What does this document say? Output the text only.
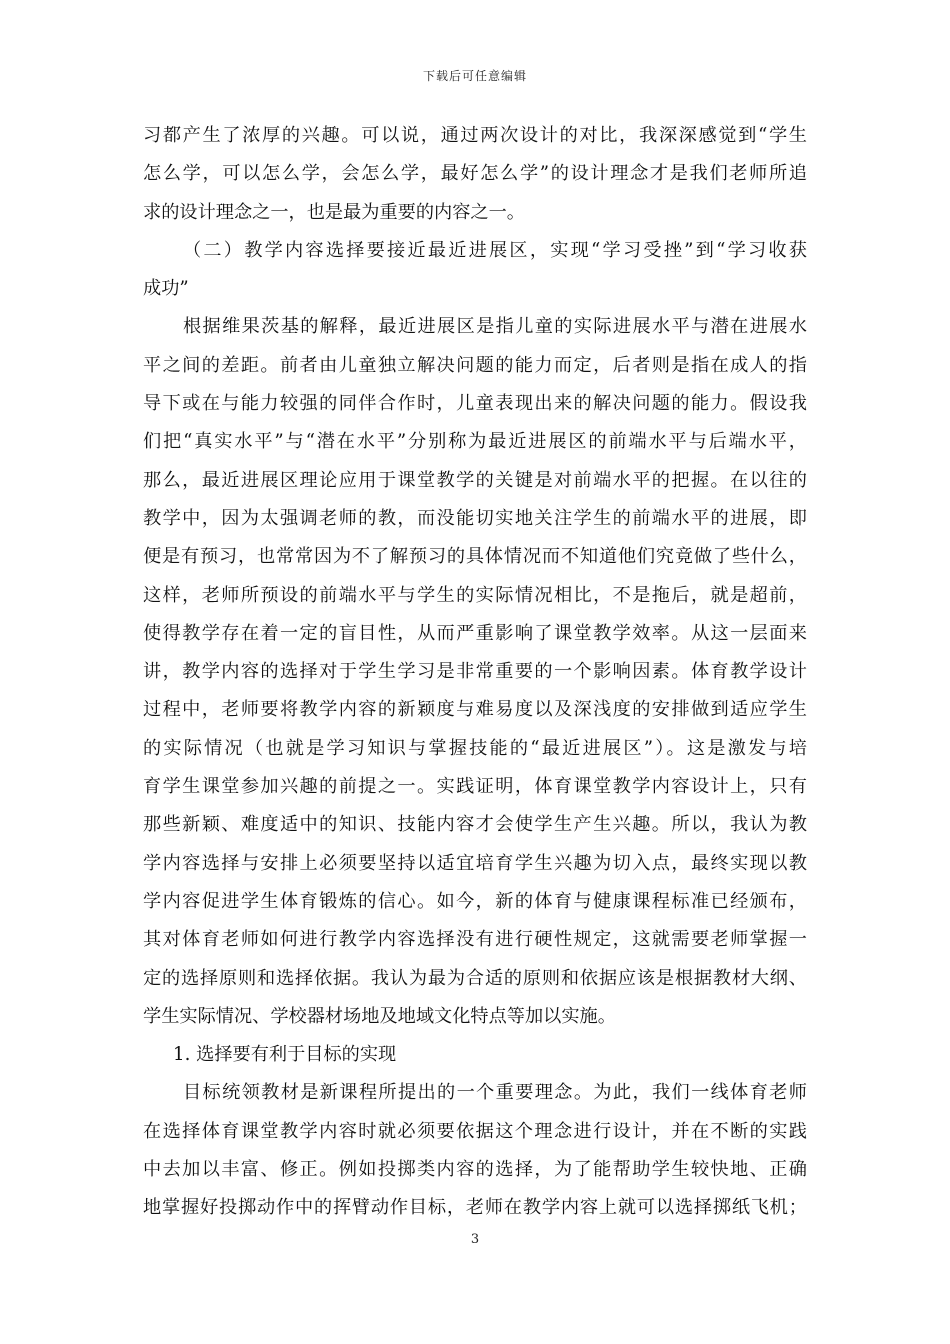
下载后可任意编辑
习都产生了浓厚的兴趣。可以说，通过两次设计的对比，我深深感觉到“学生
怎么学，可以怎么学，会怎么学，最好怎么学”的设计理念才是我们老师所追
求的设计理念之一，也是最为重要的内容之一。
（二）教学内容选择要接近最近进展区，实现“学习受挫”到“学习收获
成功”
根据维果茨基的解释，最近进展区是指儿童的实际进展水平与潜在进展水
平之间的差距。前者由儿童独立解决问题的能力而定，后者则是指在成人的指
导下或在与能力较强的同伴合作时，儿童表现出来的解决问题的能力。假设我
们把“真实水平”与“潜在水平”分别称为最近进展区的前端水平与后端水平，
那么，最近进展区理论应用于课堂教学的关键是对前端水平的把握。在以往的
教学中，因为太强调老师的教，而没能切实地关注学生的前端水平的进展，即
便是有预习，也常常因为不了解预习的具体情况而不知道他们究竟做了些什么，
这样，老师所预设的前端水平与学生的实际情况相比，不是拖后，就是超前，
使得教学存在着一定的盲目性，从而严重影响了课堂教学效率。从这一层面来
讲，教学内容的选择对于学生学习是非常重要的一个影响因素。体育教学设计
过程中，老师要将教学内容的新颖度与难易度以及深浅度的安排做到适应学生
的实际情况（也就是学习知识与掌握技能的“最近进展区”）。这是激发与培
育学生课堂参加兴趣的前提之一。实践证明，体育课堂教学内容设计上，只有
那些新颖、难度适中的知识、技能内容才会使学生产生兴趣。所以，我认为教
学内容选择与安排上必须要坚持以适宜培育学生兴趣为切入点，最终实现以教
学内容促进学生体育锻炼的信心。如今，新的体育与健康课程标准已经颁布，
其对体育老师如何进行教学内容选择没有进行硬性规定，这就需要老师掌握一
定的选择原则和选择依据。我认为最为合适的原则和依据应该是根据教材大纲、
学生实际情况、学校器材场地及地域文化特点等加以实施。
1. 选择要有利于目标的实现
目标统领教材是新课程所提出的一个重要理念。为此，我们一线体育老师
在选择体育课堂教学内容时就必须要依据这个理念进行设计，并在不断的实践
中去加以丰富、修正。例如投掷类内容的选择，为了能帮助学生较快地、正确
地掌握好投掷动作中的挥臂动作目标，老师在教学内容上就可以选择掷纸飞机；
3
